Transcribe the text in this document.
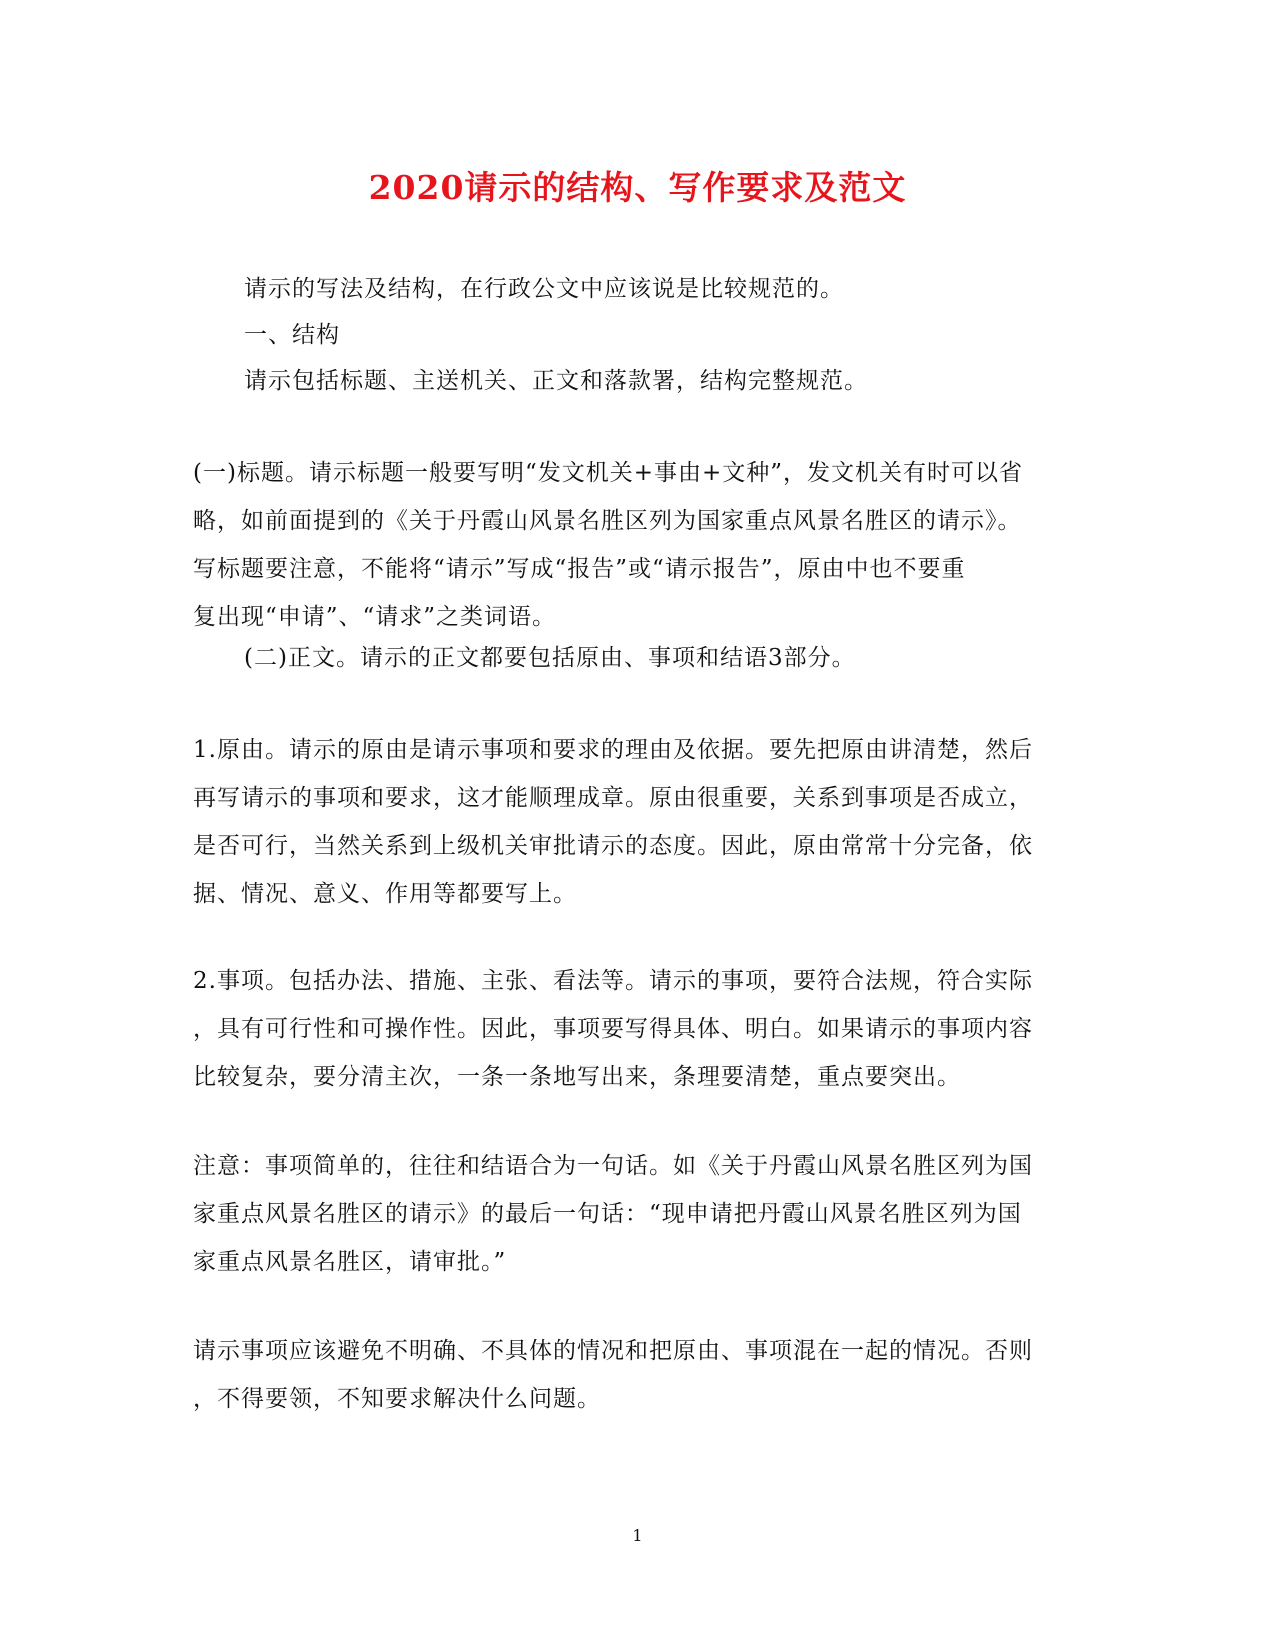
2020请示的结构、写作要求及范文

请示的写法及结构，在行政公文中应该说是比较规范的。

一、结构

请示包括标题、主送机关、正文和落款署，结构完整规范。

(一)标题。请示标题一般要写明“发文机关+事由+文种”，发文机关有时可以省
略，如前面提到的《关于丹霞山风景名胜区列为国家重点风景名胜区的请示》。
写标题要注意，不能将“请示”写成“报告”或“请示报告”，原由中也不要重
复出现“申请”、“请求”之类词语。

(二)正文。请示的正文都要包括原由、事项和结语3部分。

1.原由。请示的原由是请示事项和要求的理由及依据。要先把原由讲清楚，然后
再写请示的事项和要求，这才能顺理成章。原由很重要，关系到事项是否成立，
是否可行，当然关系到上级机关审批请示的态度。因此，原由常常十分完备，依
据、情况、意义、作用等都要写上。

2.事项。包括办法、措施、主张、看法等。请示的事项，要符合法规，符合实际
，具有可行性和可操作性。因此，事项要写得具体、明白。如果请示的事项内容
比较复杂，要分清主次，一条一条地写出来，条理要清楚，重点要突出。

注意：事项简单的，往往和结语合为一句话。如《关于丹霞山风景名胜区列为国
家重点风景名胜区的请示》的最后一句话：“现申请把丹霞山风景名胜区列为国
家重点风景名胜区，请审批。”

请示事项应该避免不明确、不具体的情况和把原由、事项混在一起的情况。否则
，不得要领，不知要求解决什么问题。

1
